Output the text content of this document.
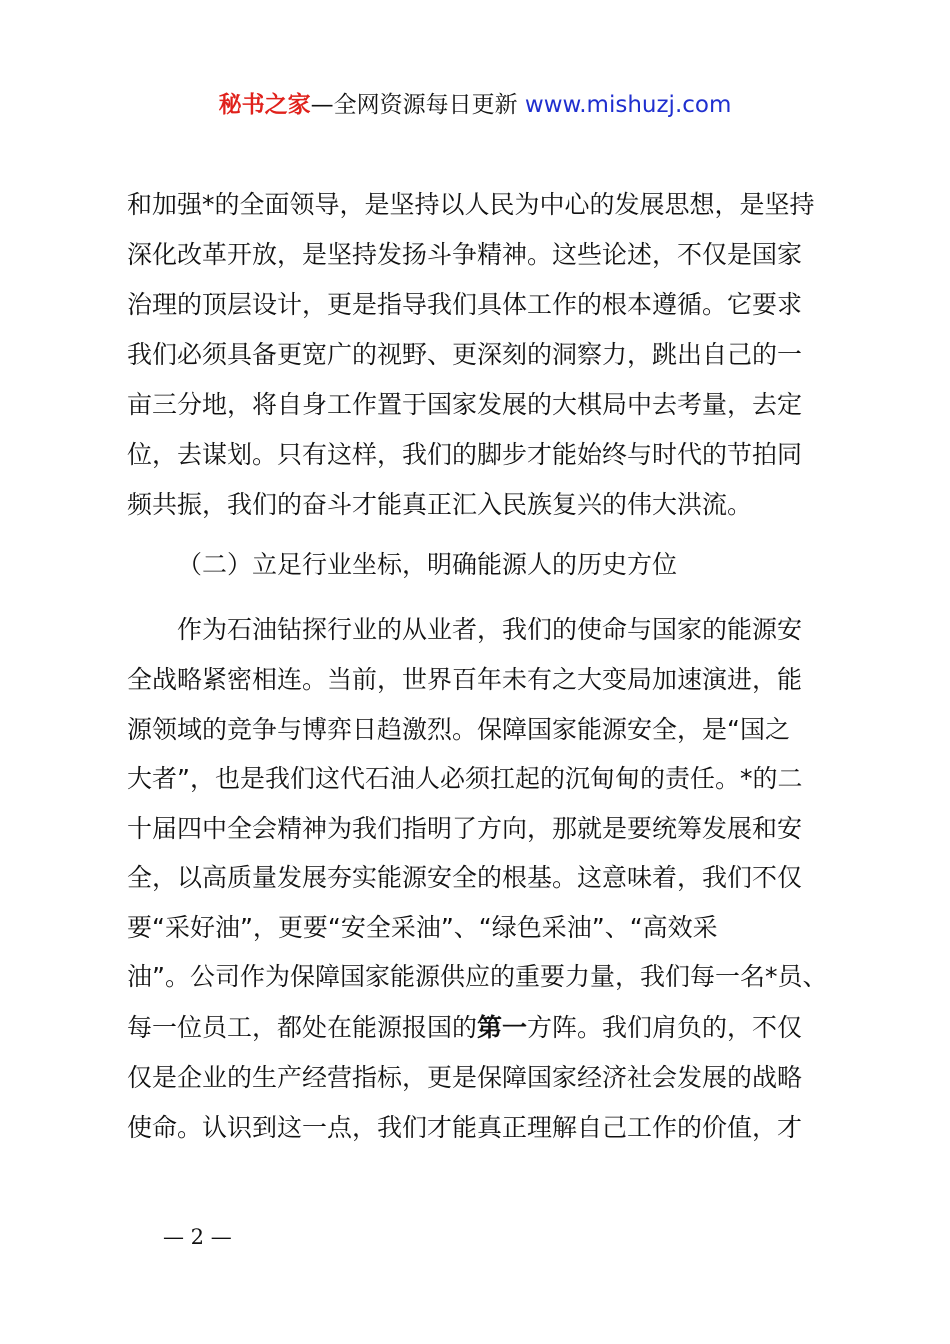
秘书之家—全网资源每日更新 www.mishuzj.com
和加强*的全面领导，是坚持以人民为中心的发展思想，是坚持
深化改革开放，是坚持发扬斗争精神。这些论述，不仅是国家
治理的顶层设计，更是指导我们具体工作的根本遵循。它要求
我们必须具备更宽广的视野、更深刻的洞察力，跳出自己的一
亩三分地，将自身工作置于国家发展的大棋局中去考量，去定
位，去谋划。只有这样，我们的脚步才能始终与时代的节拍同
频共振，我们的奋斗才能真正汇入民族复兴的伟大洪流。
（二）立足行业坐标，明确能源人的历史方位
作为石油钻探行业的从业者，我们的使命与国家的能源安
全战略紧密相连。当前，世界百年未有之大变局加速演进，能
源领域的竞争与博弈日趋激烈。保障国家能源安全，是“国之
大者”，也是我们这代石油人必须扛起的沉甸甸的责任。*的二
十届四中全会精神为我们指明了方向，那就是要统筹发展和安
全，以高质量发展夯实能源安全的根基。这意味着，我们不仅
要“采好油”，更要“安全采油”、“绿色采油”、“高效采
油”。公司作为保障国家能源供应的重要力量，我们每一名*员、
每一位员工，都处在能源报国的第一方阵。我们肩负的，不仅
仅是企业的生产经营指标，更是保障国家经济社会发展的战略
使命。认识到这一点，我们才能真正理解自己工作的价值，才
— 2 —
